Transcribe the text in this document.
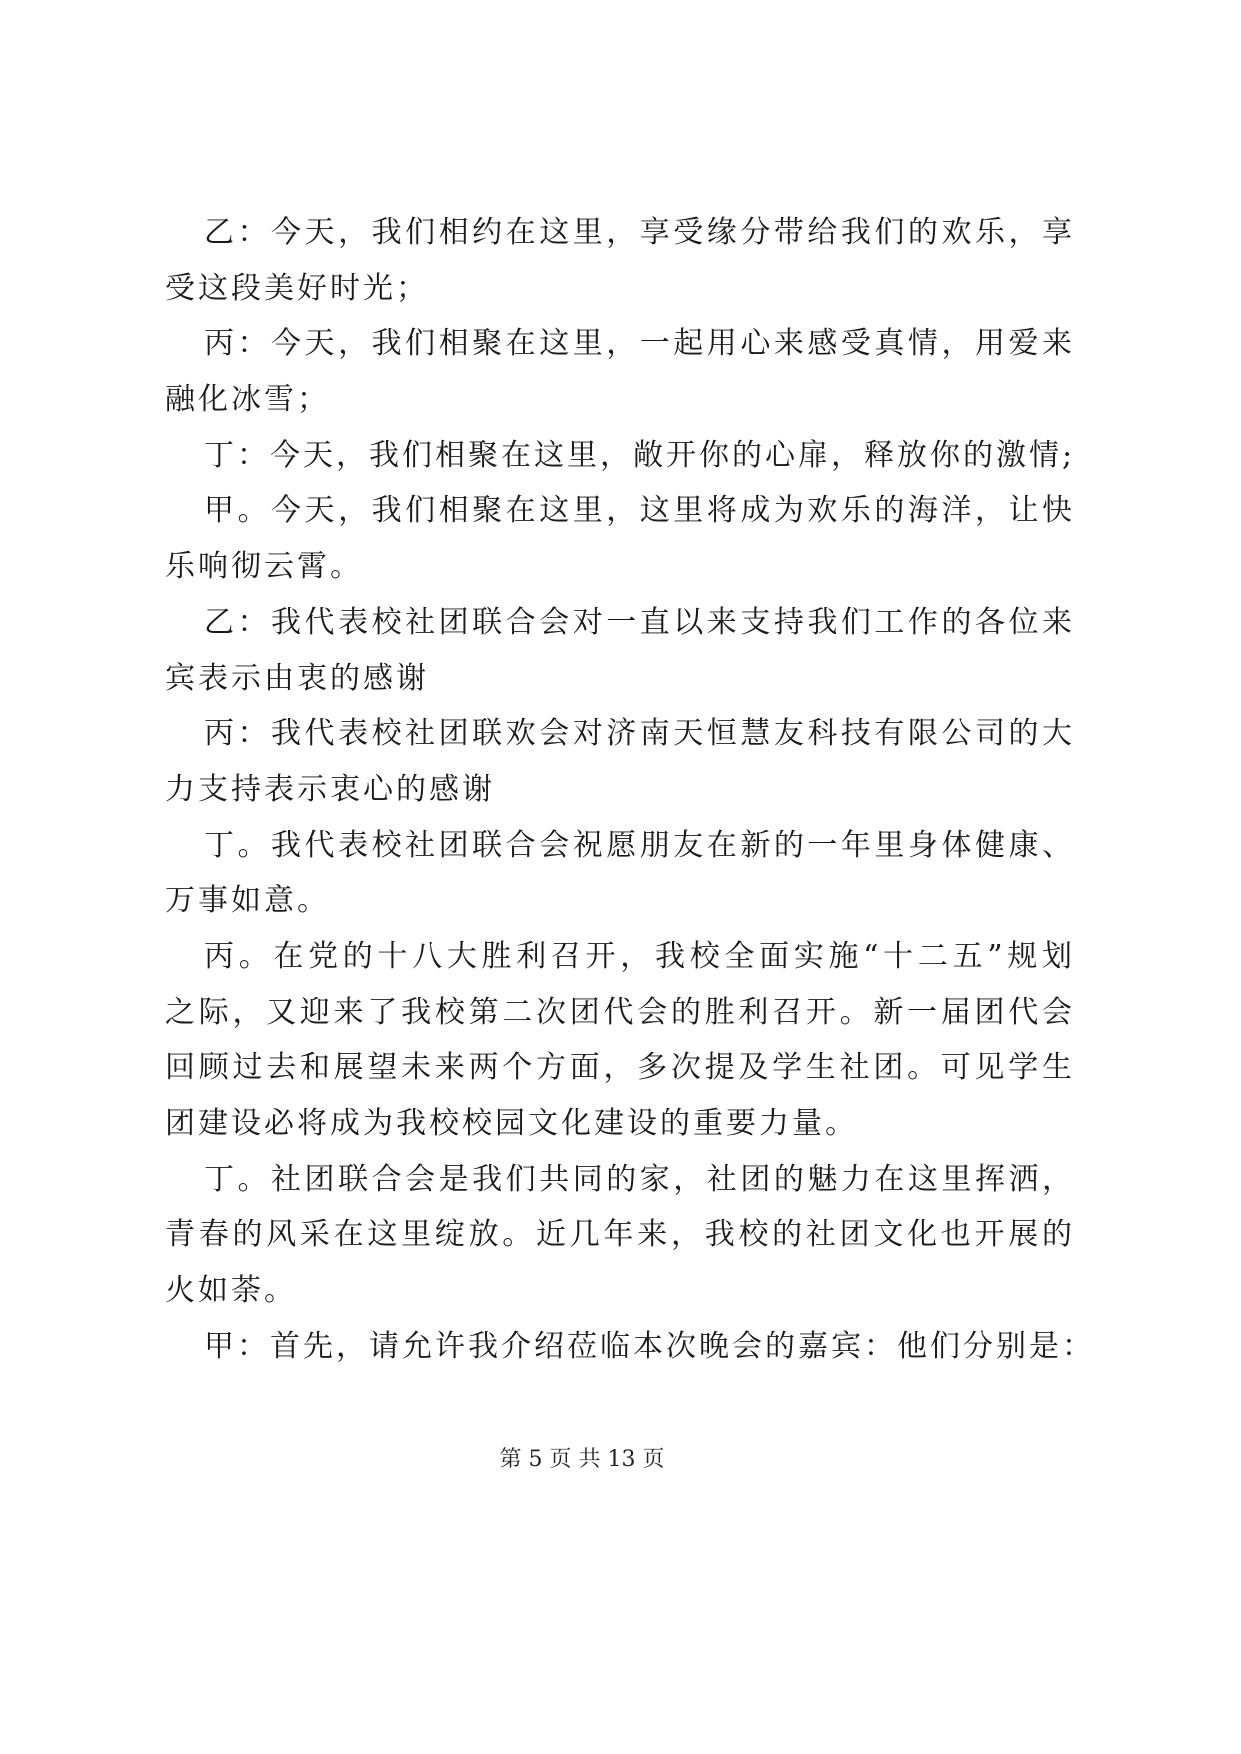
乙：今天，我们相约在这里，享受缘分带给我们的欢乐，享
受这段美好时光；
丙：今天，我们相聚在这里，一起用心来感受真情，用爱来
融化冰雪；
丁：今天，我们相聚在这里，敞开你的心扉，释放你的激情;
甲。今天，我们相聚在这里，这里将成为欢乐的海洋，让快
乐响彻云霄。
乙：我代表校社团联合会对一直以来支持我们工作的各位来
宾表示由衷的感谢
丙：我代表校社团联欢会对济南天恒慧友科技有限公司的大
力支持表示衷心的感谢
丁。我代表校社团联合会祝愿朋友在新的一年里身体健康、
万事如意。
丙。在党的十八大胜利召开，我校全面实施“十二五”规划
之际，又迎来了我校第二次团代会的胜利召开。新一届团代会
回顾过去和展望未来两个方面，多次提及学生社团。可见学生
团建设必将成为我校校园文化建设的重要力量。
丁。社团联合会是我们共同的家，社团的魅力在这里挥洒，
青春的风采在这里绽放。近几年来，我校的社团文化也开展的
火如荼。
甲：首先，请允许我介绍莅临本次晚会的嘉宾：他们分别是：
第 5 页 共 13 页
